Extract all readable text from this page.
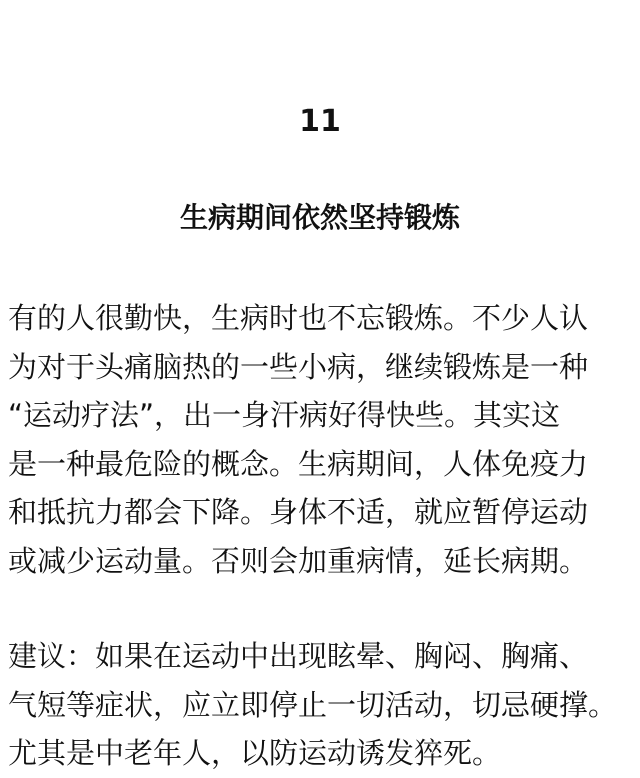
11
生病期间依然坚持锻炼
有的人很勤快，生病时也不忘锻炼。不少人认
为对于头痛脑热的一些小病，继续锻炼是一种
“运动疗法”，出一身汗病好得快些。其实这
是一种最危险的概念。生病期间，人体免疫力
和抵抗力都会下降。身体不适，就应暂停运动
或减少运动量。否则会加重病情，延长病期。
建议：如果在运动中出现眩晕、胸闷、胸痛、
气短等症状，应立即停止一切活动，切忌硬撑。
尤其是中老年人，以防运动诱发猝死。
